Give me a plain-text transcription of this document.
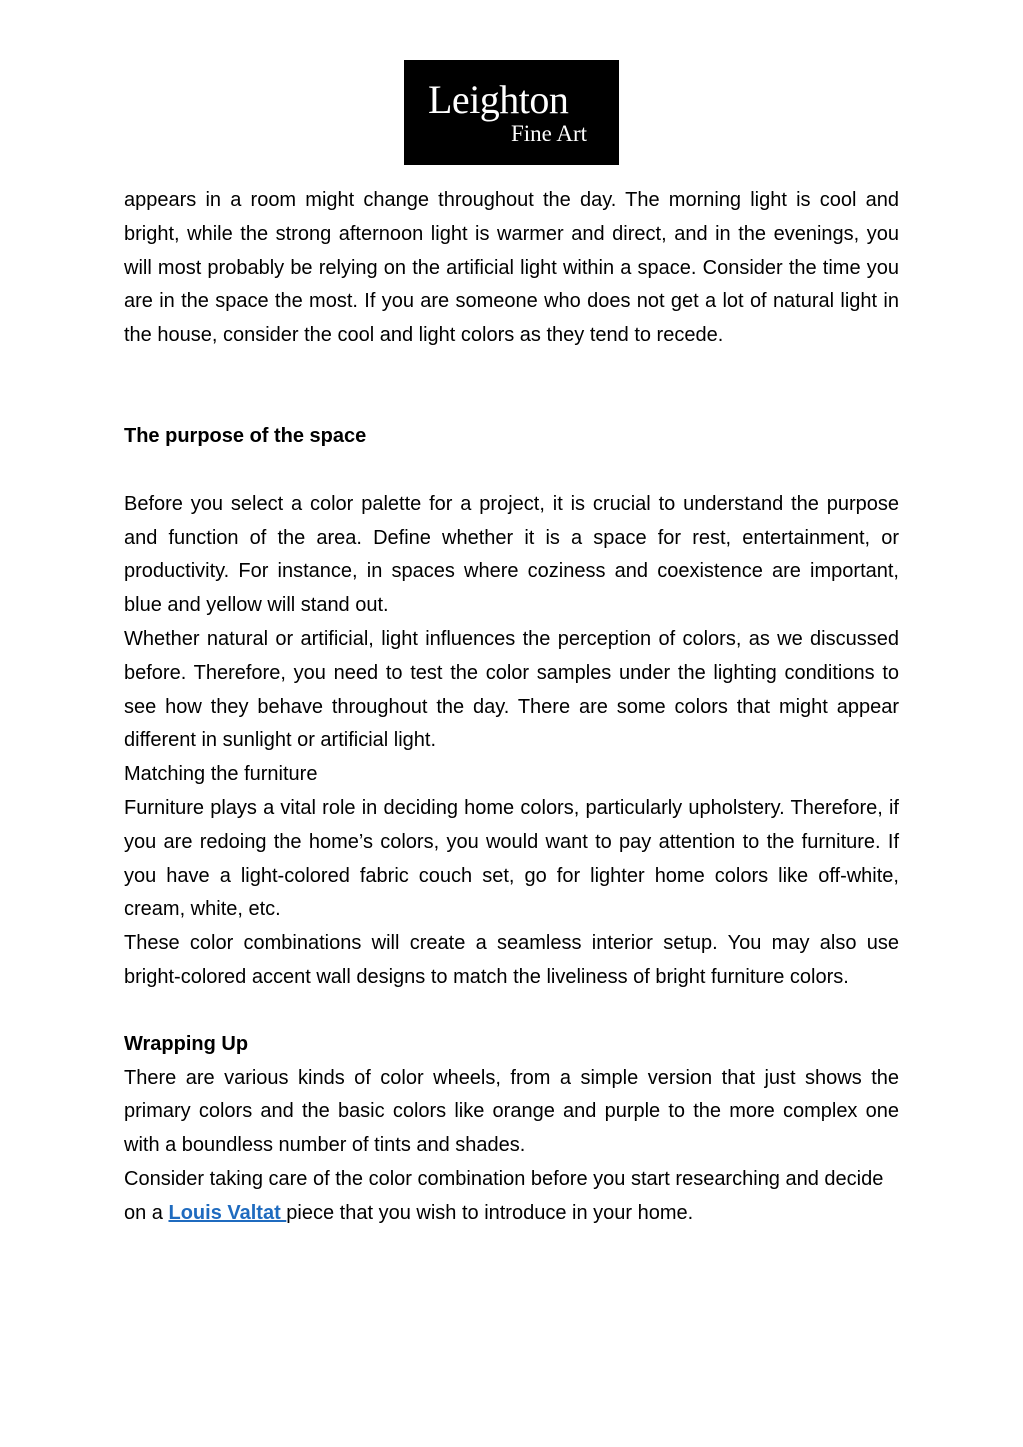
Leighton
Fine Art

appears in a room might change throughout the day. The morning light is cool and bright, while the strong afternoon light is warmer and direct, and in the evenings, you will most probably be relying on the artificial light within a space. Consider the time you are in the space the most. If you are someone who does not get a lot of natural light in the house, consider the cool and light colors as they tend to recede.

The purpose of the space

Before you select a color palette for a project, it is crucial to understand the purpose and function of the area. Define whether it is a space for rest, entertainment, or productivity. For instance, in spaces where coziness and coexistence are important, blue and yellow will stand out.

Whether natural or artificial, light influences the perception of colors, as we discussed before. Therefore, you need to test the color samples under the lighting conditions to see how they behave throughout the day. There are some colors that might appear different in sunlight or artificial light.

Matching the furniture

Furniture plays a vital role in deciding home colors, particularly upholstery. Therefore, if you are redoing the home’s colors, you would want to pay attention to the furniture. If you have a light-colored fabric couch set, go for lighter home colors like off-white, cream, white, etc.

These color combinations will create a seamless interior setup. You may also use bright-colored accent wall designs to match the liveliness of bright furniture colors.

Wrapping Up

There are various kinds of color wheels, from a simple version that just shows the primary colors and the basic colors like orange and purple to the more complex one with a boundless number of tints and shades.

Consider taking care of the color combination before you start researching and decide on a Louis Valtat piece that you wish to introduce in your home.
